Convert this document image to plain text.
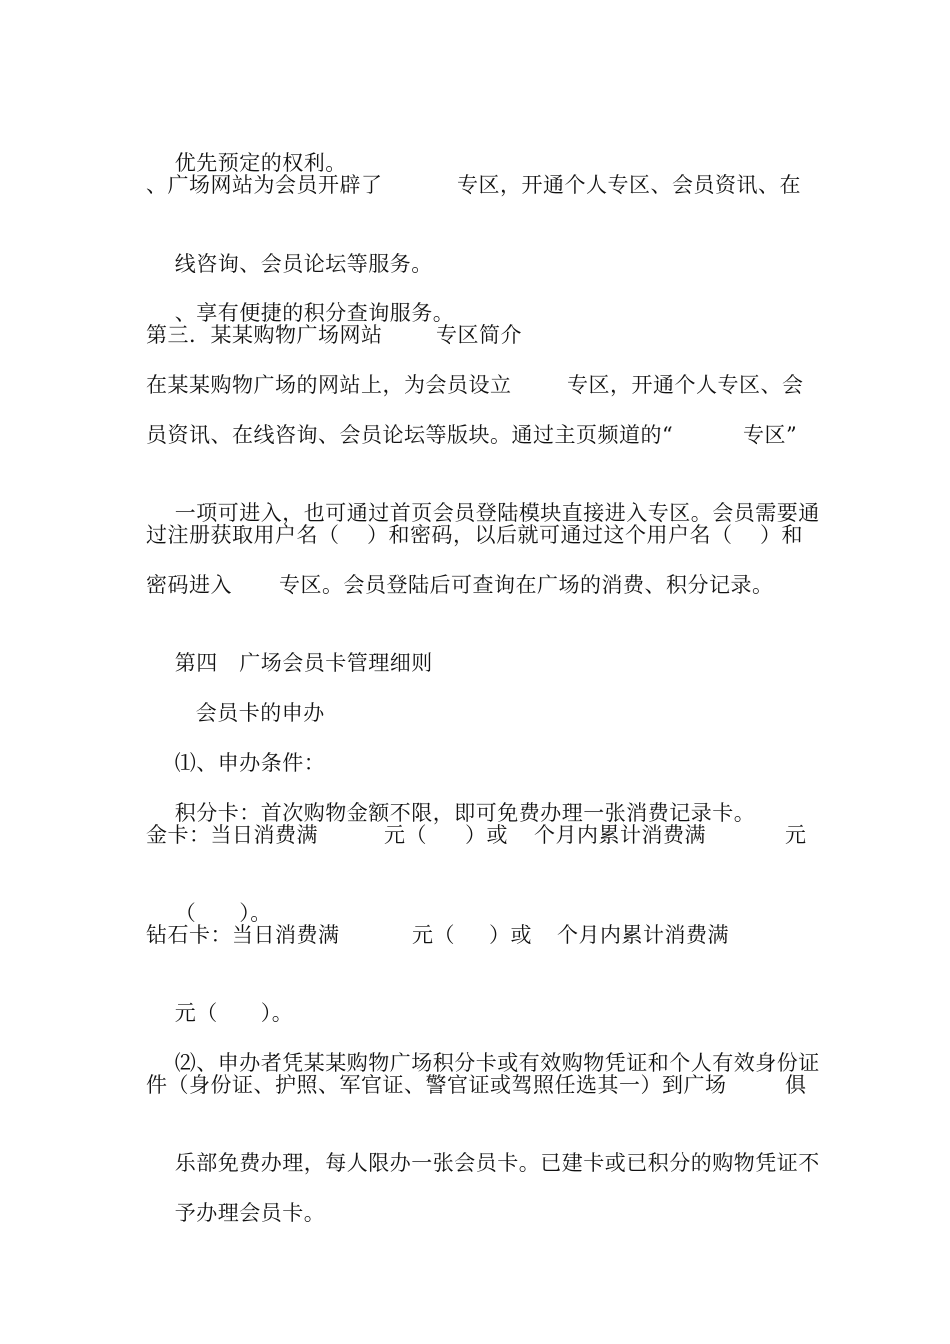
优先预定的权利。

、广场网站为会员开辟了

	专区，开通个人专区、会员资讯、在

线咨询、会员论坛等服务。

、享有便捷的积分查询服务。

第三．某某购物广场网站

	专区简介

在某某购物广场的网站上，为会员设立

	专区，开通个人专区、会

员资讯、在线咨询、会员论坛等版块。通过主页频道的“

	专区”

一项可进入，也可通过首页会员登陆模块直接进入专区。会员需要通

过注册获取用户名（

）和密码，以后就可通过这个用户名（

）和

密码进入

专区。会员登陆后可查询在广场的消费、积分记录。

第四　广场会员卡管理细则

会员卡的申办

⑴、申办条件：

积分卡：首次购物金额不限，即可免费办理一张消费记录卡。

金卡：当日消费满

	元（

）或

个月内累计消费满

	元

（　　）。

钻石卡：当日消费满

	元（

）或

个月内累计消费满

元（　　）。

⑵、申办者凭某某购物广场积分卡或有效购物凭证和个人有效身份证

件（身份证、护照、军官证、警官证或驾照任选其一）到广场

	俱

乐部免费办理，每人限办一张会员卡。已建卡或已积分的购物凭证不

予办理会员卡。
